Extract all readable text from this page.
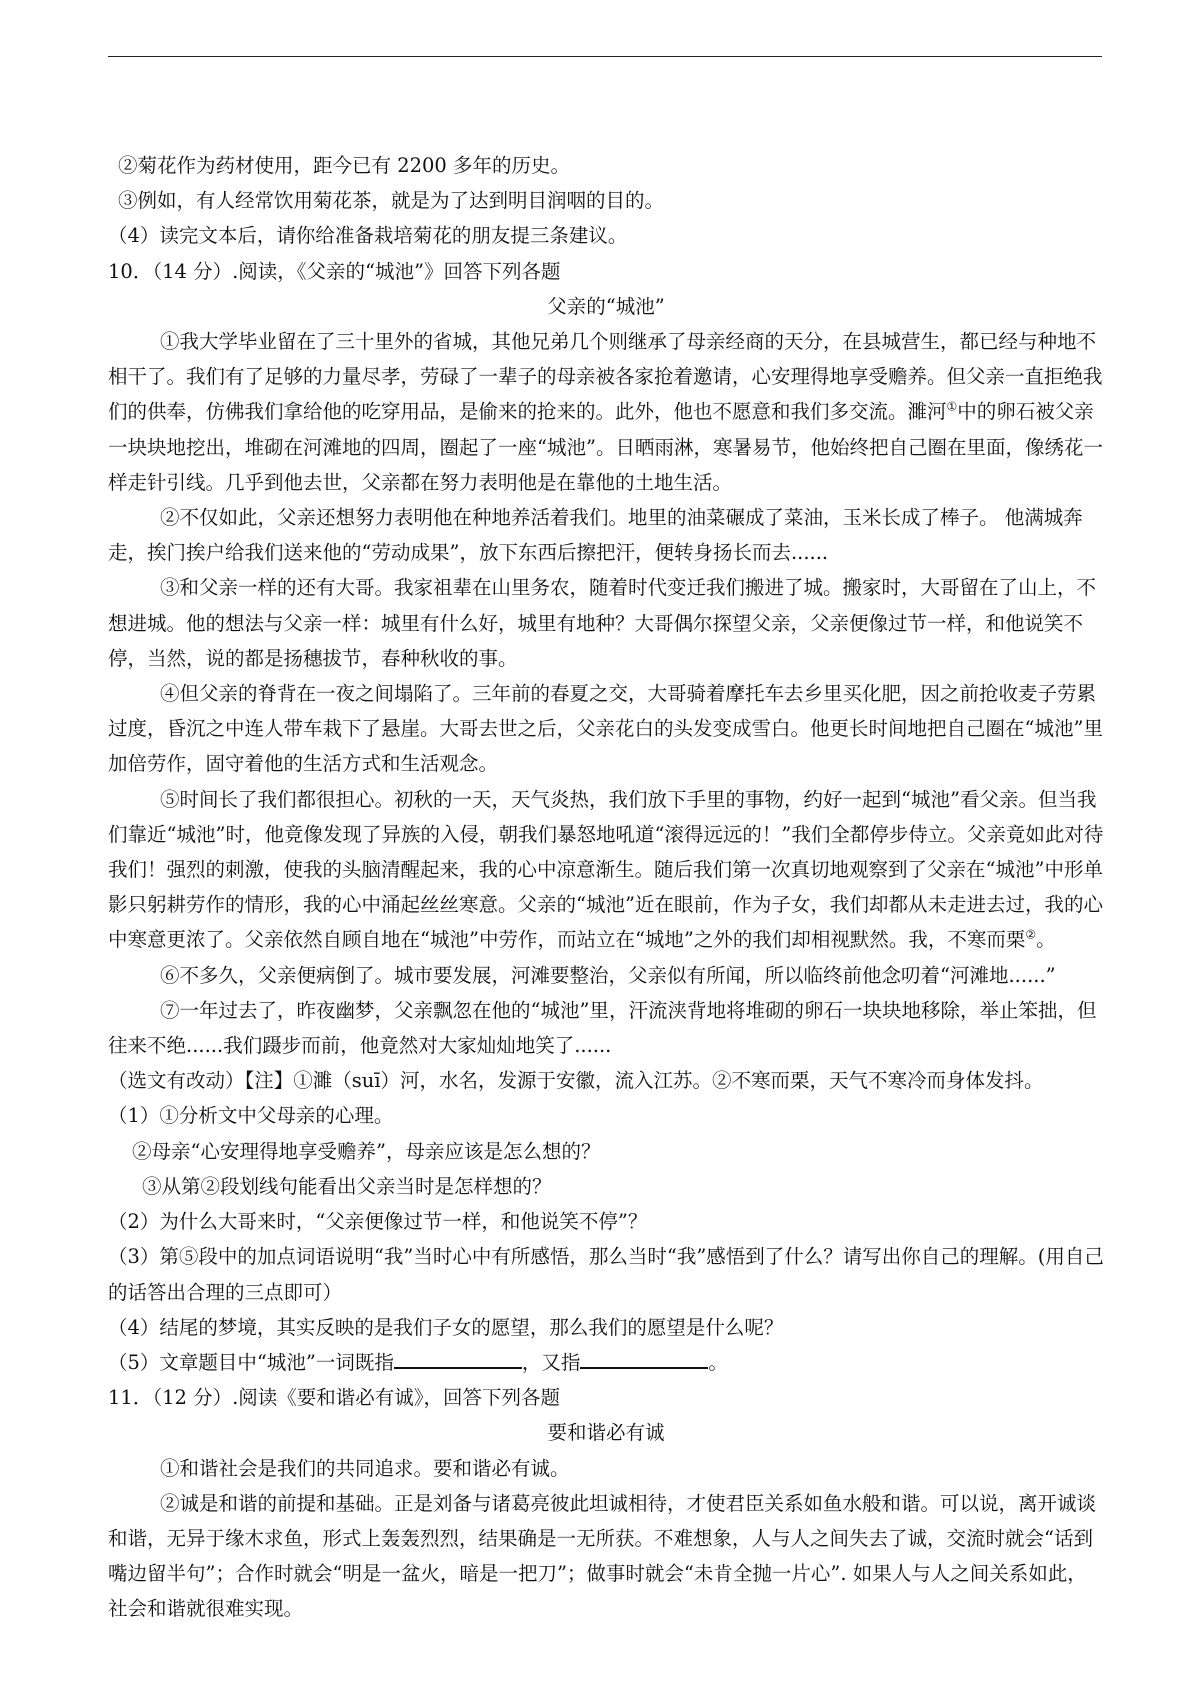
②菊花作为药材使用，距今已有 2200 多年的历史。

③例如，有人经常饮用菊花茶，就是为了达到明目润咽的目的。

（4）读完文本后，请你给准备栽培菊花的朋友提三条建议。

10．（14 分）.阅读，《父亲的“城池”》回答下列各题

父亲的“城池”

①我大学毕业留在了三十里外的省城，其他兄弟几个则继承了母亲经商的天分，在县城营生，都已经与种地不相干了。我们有了足够的力量尽孝，劳碌了一辈子的母亲被各家抢着邀请，心安理得地享受赡养。但父亲一直拒绝我们的供奉，仿佛我们拿给他的吃穿用品，是偷来的抢来的。此外，他也不愿意和我们多交流。濉河①中的卵石被父亲一块块地挖出，堆砌在河滩地的四周，圈起了一座“城池”。日晒雨淋，寒暑易节，他始终把自己圈在里面，像绣花一样走针引线。几乎到他去世，父亲都在努力表明他是在靠他的土地生活。

②不仅如此，父亲还想努力表明他在种地养活着我们。地里的油菜碾成了菜油，玉米长成了棒子。 他满城奔走，挨门挨户给我们送来他的“劳动成果”，放下东西后擦把汗，便转身扬长而去......

③和父亲一样的还有大哥。我家祖辈在山里务农，随着时代变迁我们搬进了城。搬家时，大哥留在了山上，不想进城。他的想法与父亲一样：城里有什么好，城里有地种？大哥偶尔探望父亲，父亲便像过节一样，和他说笑不停，当然，说的都是扬穗拔节，春种秋收的事。

④但父亲的脊背在一夜之间塌陷了。三年前的春夏之交，大哥骑着摩托车去乡里买化肥，因之前抢收麦子劳累过度，昏沉之中连人带车栽下了悬崖。大哥去世之后，父亲花白的头发变成雪白。他更长时间地把自己圈在“城池”里加倍劳作，固守着他的生活方式和生活观念。

⑤时间长了我们都很担心。初秋的一天，天气炎热，我们放下手里的事物，约好一起到“城池”看父亲。但当我们靠近“城池”时，他竟像发现了异族的入侵，朝我们暴怒地吼道“滚得远远的！”我们全都停步侍立。父亲竟如此对待我们！强烈的刺激，使我的头脑清醒起来，我的心中凉意渐生。随后我们第一次真切地观察到了父亲在“城池”中形单影只躬耕劳作的情形，我的心中涌起丝丝寒意。父亲的“城池”近在眼前，作为子女，我们却都从未走进去过，我的心中寒意更浓了。父亲依然自顾自地在“城池”中劳作，而站立在“城地”之外的我们却相视默然。我，不寒而栗②。

⑥不多久，父亲便病倒了。城市要发展，河滩要整治，父亲似有所闻，所以临终前他念叨着“河滩地......”

⑦一年过去了，昨夜幽梦，父亲飘忽在他的“城池”里，汗流浃背地将堆砌的卵石一块块地移除，举止笨拙，但往来不绝......我们蹑步而前，他竟然对大家灿灿地笑了......

（选文有改动）【注】①濉（suī）河，水名，发源于安徽，流入江苏。②不寒而栗，天气不寒冷而身体发抖。

（1）①分析文中父母亲的心理。

②母亲“心安理得地享受赡养”，母亲应该是怎么想的？

③从第②段划线句能看出父亲当时是怎样想的？

（2）为什么大哥来时，“父亲便像过节一样，和他说笑不停”？

（3）第⑤段中的加点词语说明“我”当时心中有所感悟，那么当时“我”感悟到了什么？请写出你自己的理解。(用自己的话答出合理的三点即可）

（4）结尾的梦境，其实反映的是我们子女的愿望，那么我们的愿望是什么呢？

（5）文章题目中“城池”一词既指	，又指	。

11．（12 分）.阅读《要和谐必有诚》，回答下列各题

要和谐必有诚

①和谐社会是我们的共同追求。要和谐必有诚。

②诚是和谐的前提和基础。正是刘备与诸葛亮彼此坦诚相待，才使君臣关系如鱼水般和谐。可以说，离开诚谈和谐，无异于缘木求鱼，形式上轰轰烈烈，结果确是一无所获。不难想象，人与人之间失去了诚，交流时就会“话到嘴边留半句”；合作时就会“明是一盆火，暗是一把刀”；做事时就会“未肯全抛一片心”. 如果人与人之间关系如此，社会和谐就很难实现。
